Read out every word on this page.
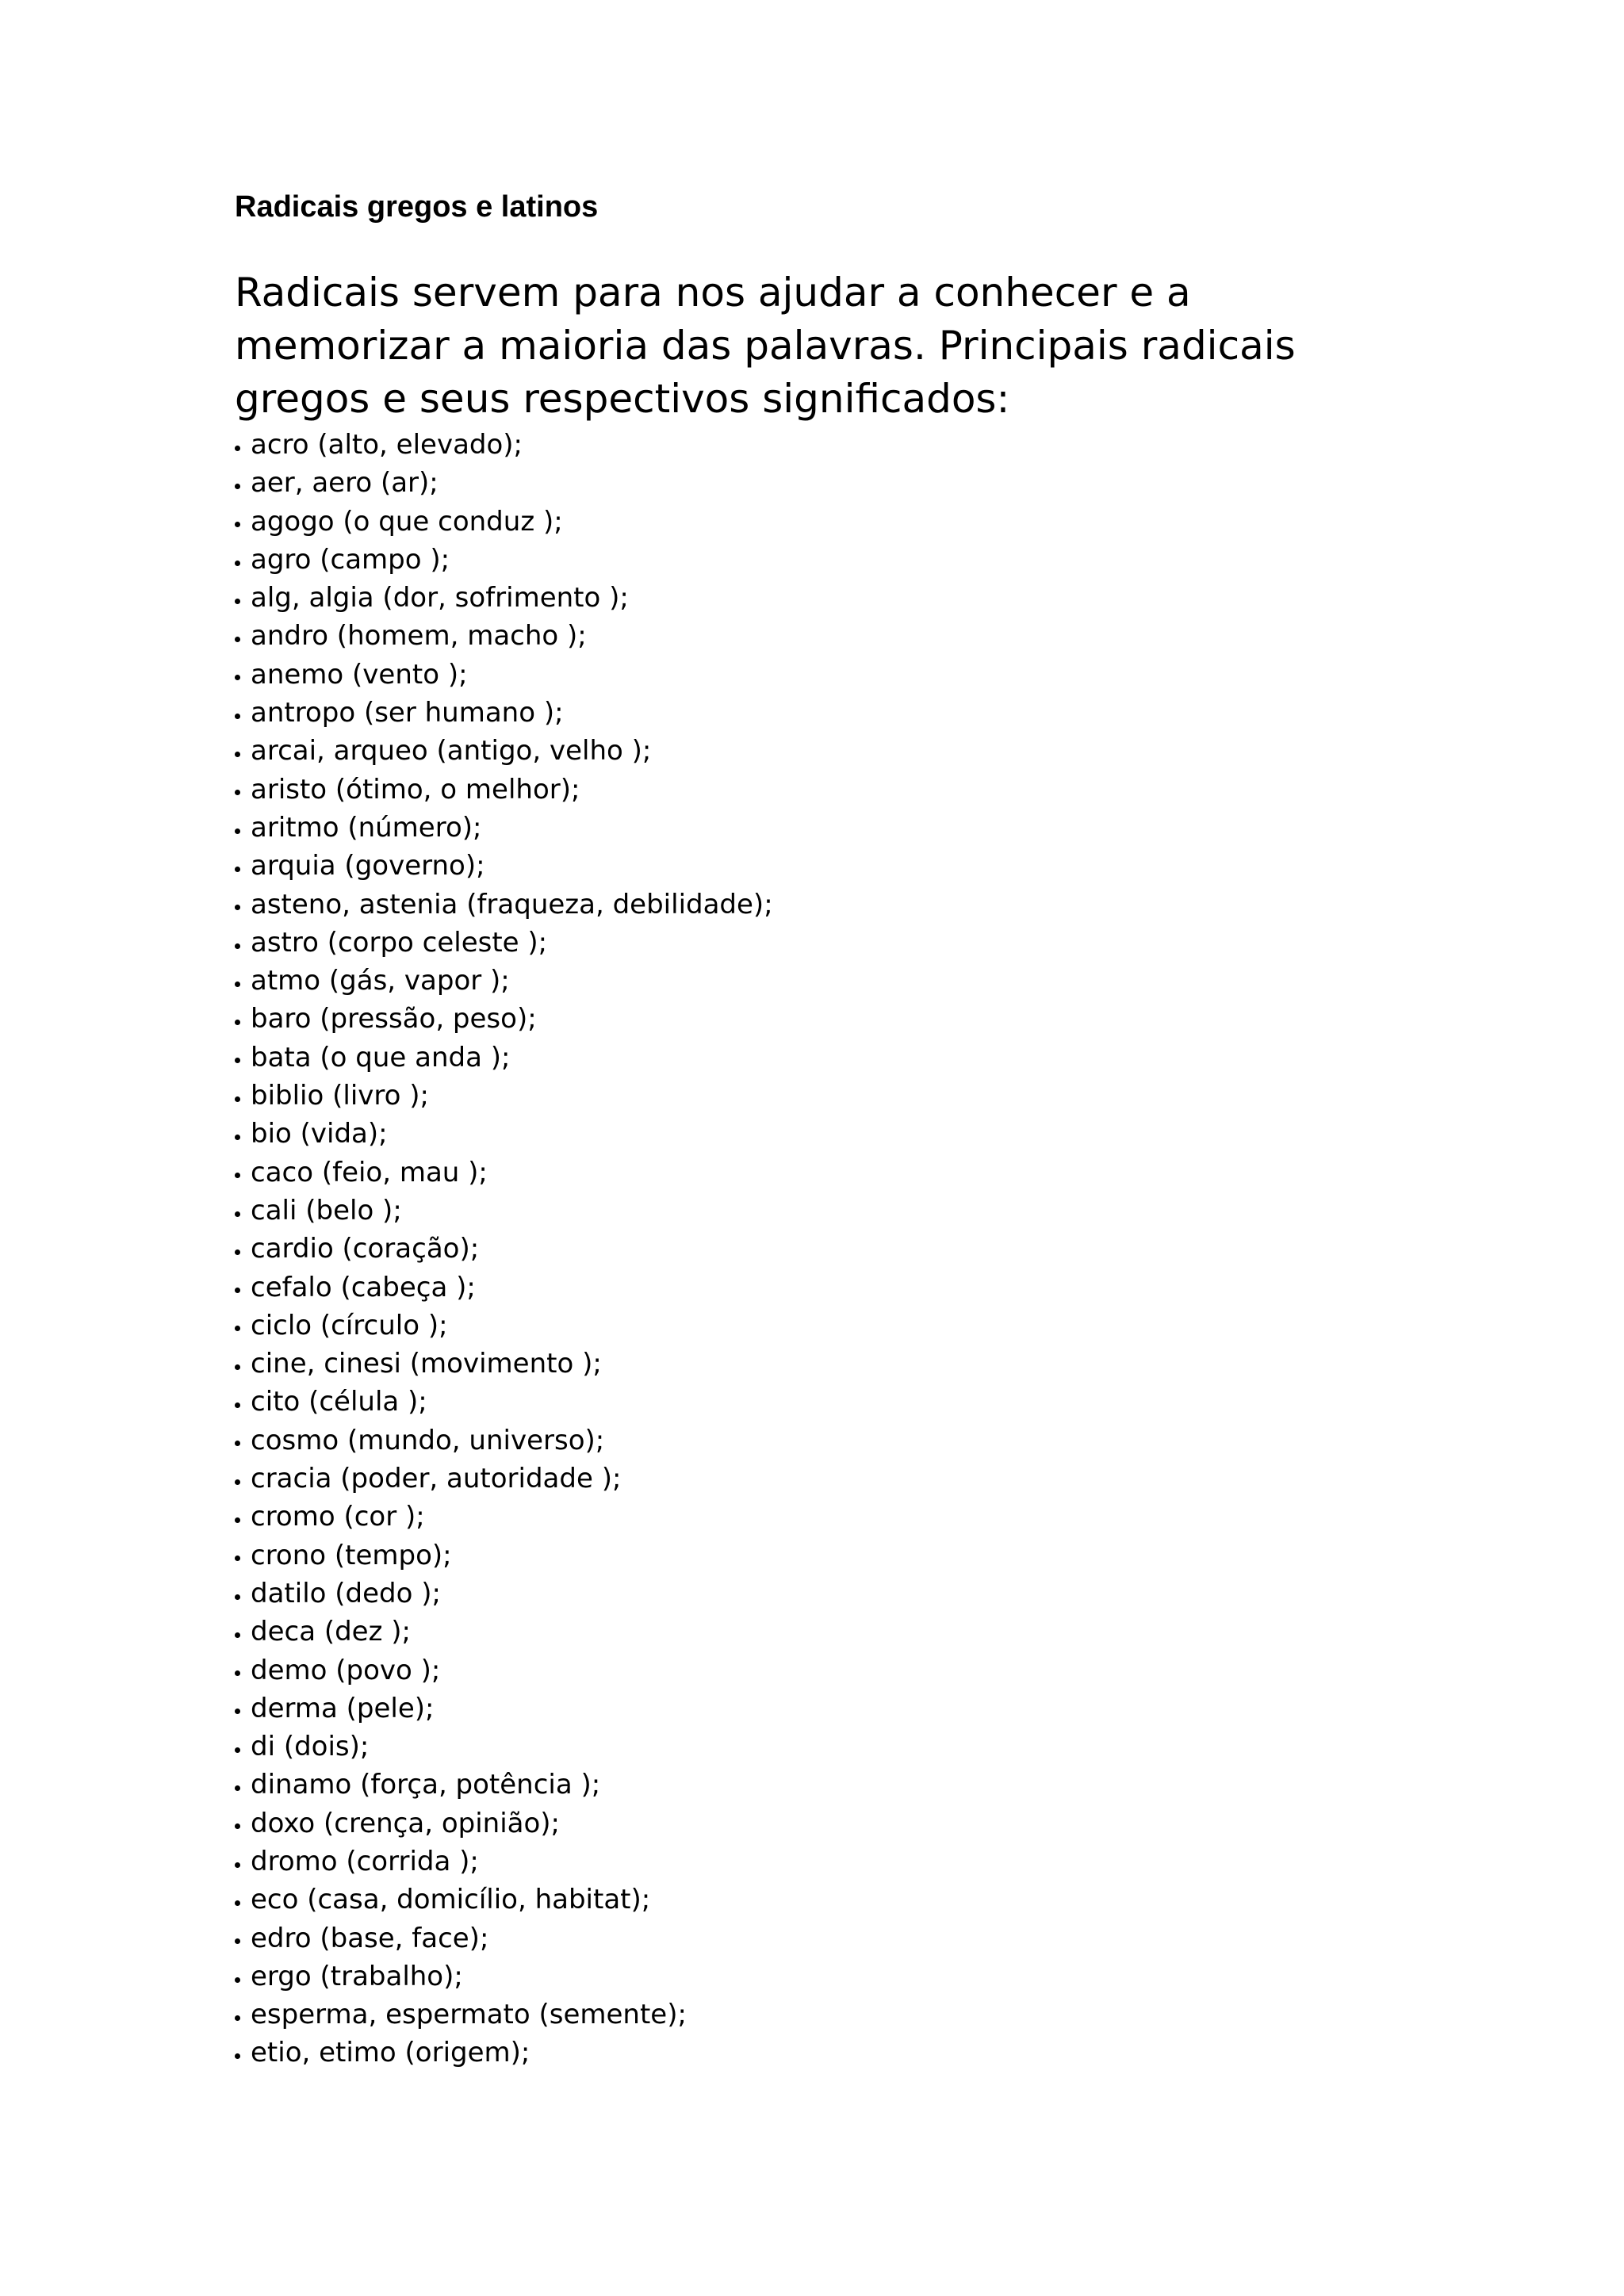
Radicais gregos e latinos

Radicais servem para nos ajudar a conhecer e a memorizar a maioria das palavras. Principais radicais gregos e seus respectivos significados:

acro (alto, elevado);
aer, aero (ar);
agogo (o que conduz );
agro (campo );
alg, algia (dor, sofrimento );
andro (homem, macho );
anemo (vento );
antropo (ser humano );
arcai, arqueo (antigo, velho );
aristo (ótimo, o melhor);
aritmo (número);
arquia (governo);
asteno, astenia (fraqueza, debilidade);
astro (corpo celeste );
atmo (gás, vapor );
baro (pressão, peso);
bata (o que anda );
biblio (livro );
bio (vida);
caco (feio, mau );
cali (belo );
cardio (coração);
cefalo (cabeça );
ciclo (círculo );
cine, cinesi (movimento );
cito (célula );
cosmo (mundo, universo);
cracia (poder, autoridade );
cromo (cor );
crono (tempo);
datilo (dedo );
deca (dez );
demo (povo );
derma (pele);
di (dois);
dinamo (força, potência );
doxo (crença, opinião);
dromo (corrida );
eco (casa, domicílio, habitat);
edro (base, face);
ergo (trabalho);
esperma, espermato (semente);
etio, etimo (origem);
